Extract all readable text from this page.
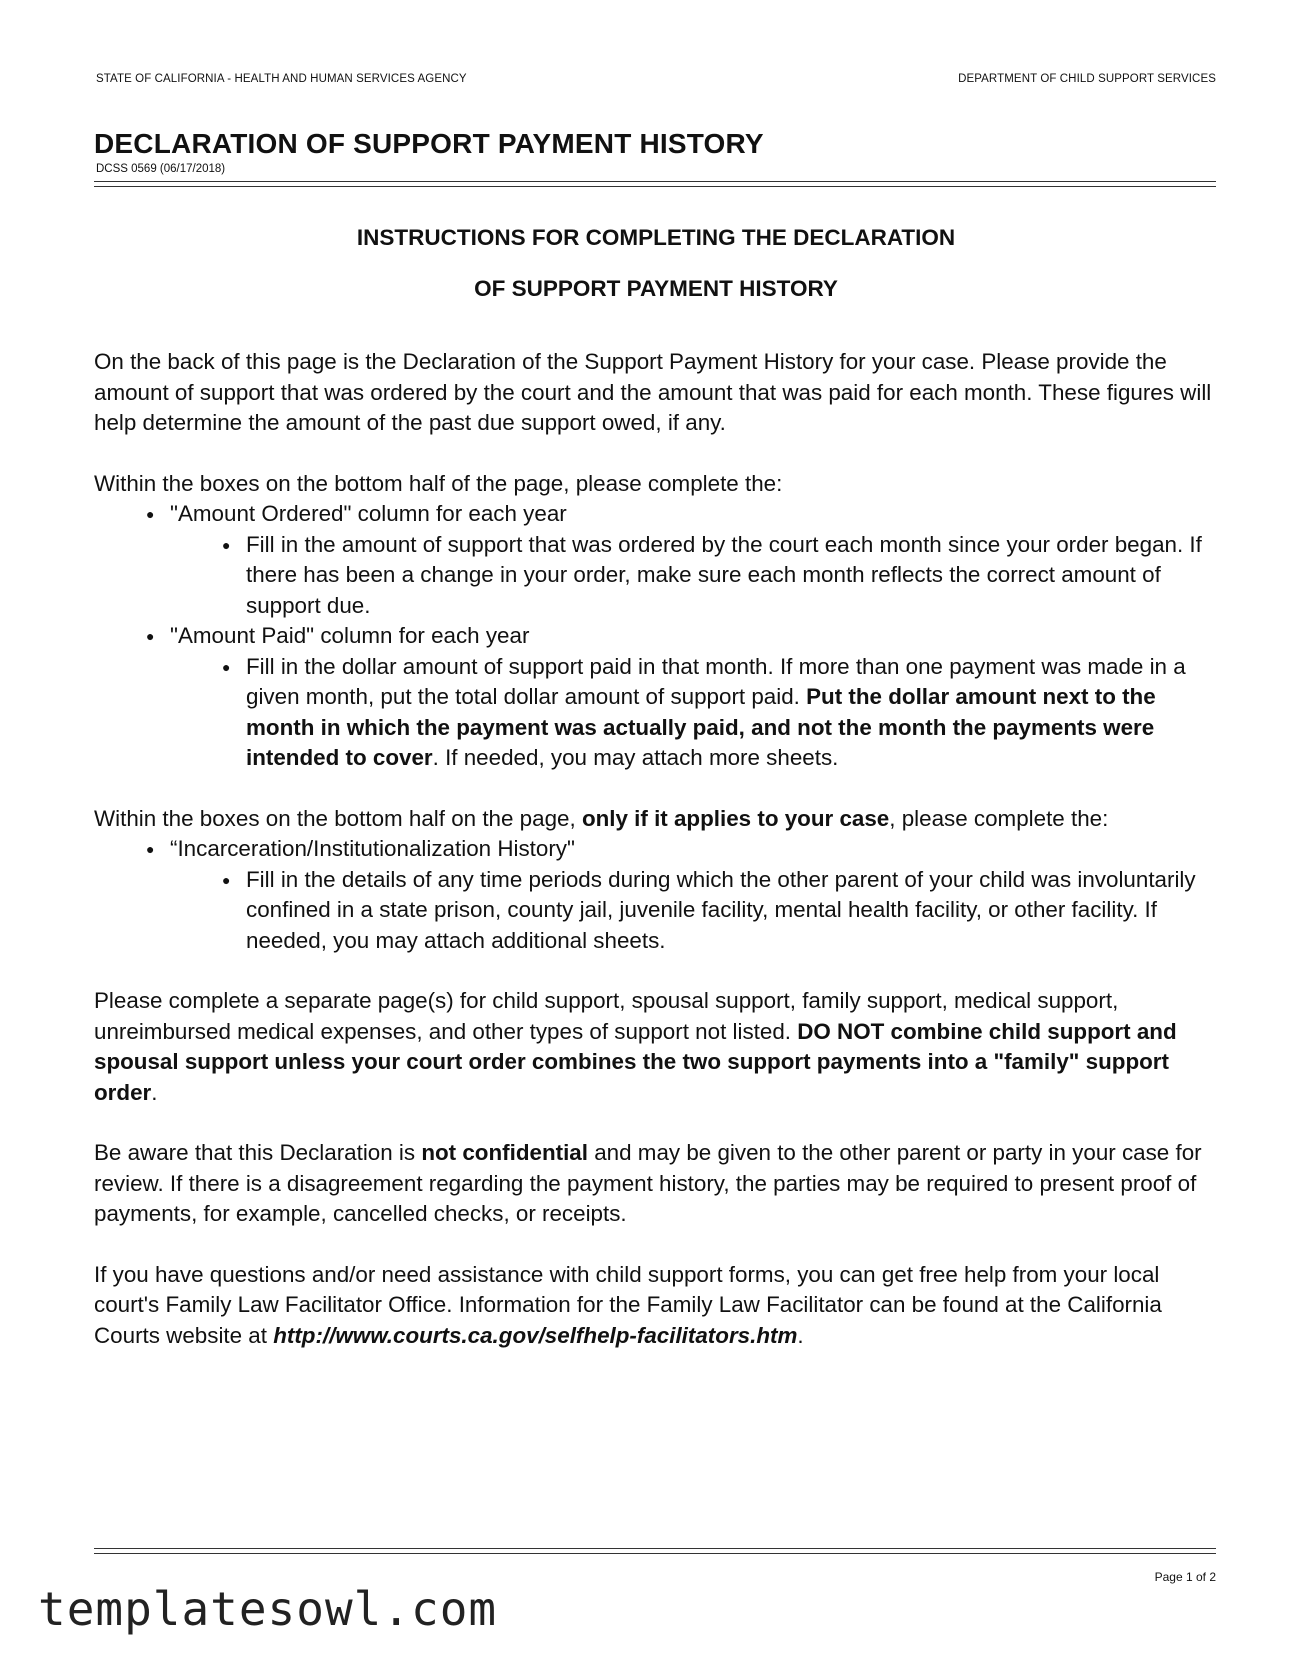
STATE OF CALIFORNIA - HEALTH AND HUMAN SERVICES AGENCY	DEPARTMENT OF CHILD SUPPORT SERVICES
DECLARATION OF SUPPORT PAYMENT HISTORY
DCSS 0569 (06/17/2018)
INSTRUCTIONS FOR COMPLETING THE DECLARATION
OF SUPPORT PAYMENT HISTORY

On the back of this page is the Declaration of the Support Payment History for your case. Please provide the amount of support that was ordered by the court and the amount that was paid for each month. These figures will help determine the amount of the past due support owed, if any.

Within the boxes on the bottom half of the page, please complete the:

● "Amount Ordered" column for each year
● Fill in the amount of support that was ordered by the court each month since your order began. If there has been a change in your order, make sure each month reflects the correct amount of support due.
● "Amount Paid" column for each year
● Fill in the dollar amount of support paid in that month. If more than one payment was made in a given month, put the total dollar amount of support paid. Put the dollar amount next to the month in which the payment was actually paid, and not the month the payments were intended to cover. If needed, you may attach more sheets.

Within the boxes on the bottom half on the page, only if it applies to your case, please complete the:

● “Incarceration/Institutionalization History"
● Fill in the details of any time periods during which the other parent of your child was involuntarily confined in a state prison, county jail, juvenile facility, mental health facility, or other facility. If needed, you may attach additional sheets.

Please complete a separate page(s) for child support, spousal support, family support, medical support, unreimbursed medical expenses, and other types of support not listed. DO NOT combine child support and spousal support unless your court order combines the two support payments into a "family" support order.

Be aware that this Declaration is not confidential and may be given to the other parent or party in your case for review. If there is a disagreement regarding the payment history, the parties may be required to present proof of payments, for example, cancelled checks, or receipts.

If you have questions and/or need assistance with child support forms, you can get free help from your local court's Family Law Facilitator Office. Information for the Family Law Facilitator can be found at the California Courts website at http://www.courts.ca.gov/selfhelp-facilitators.htm.

Page 1 of 2
templatesowl.com
